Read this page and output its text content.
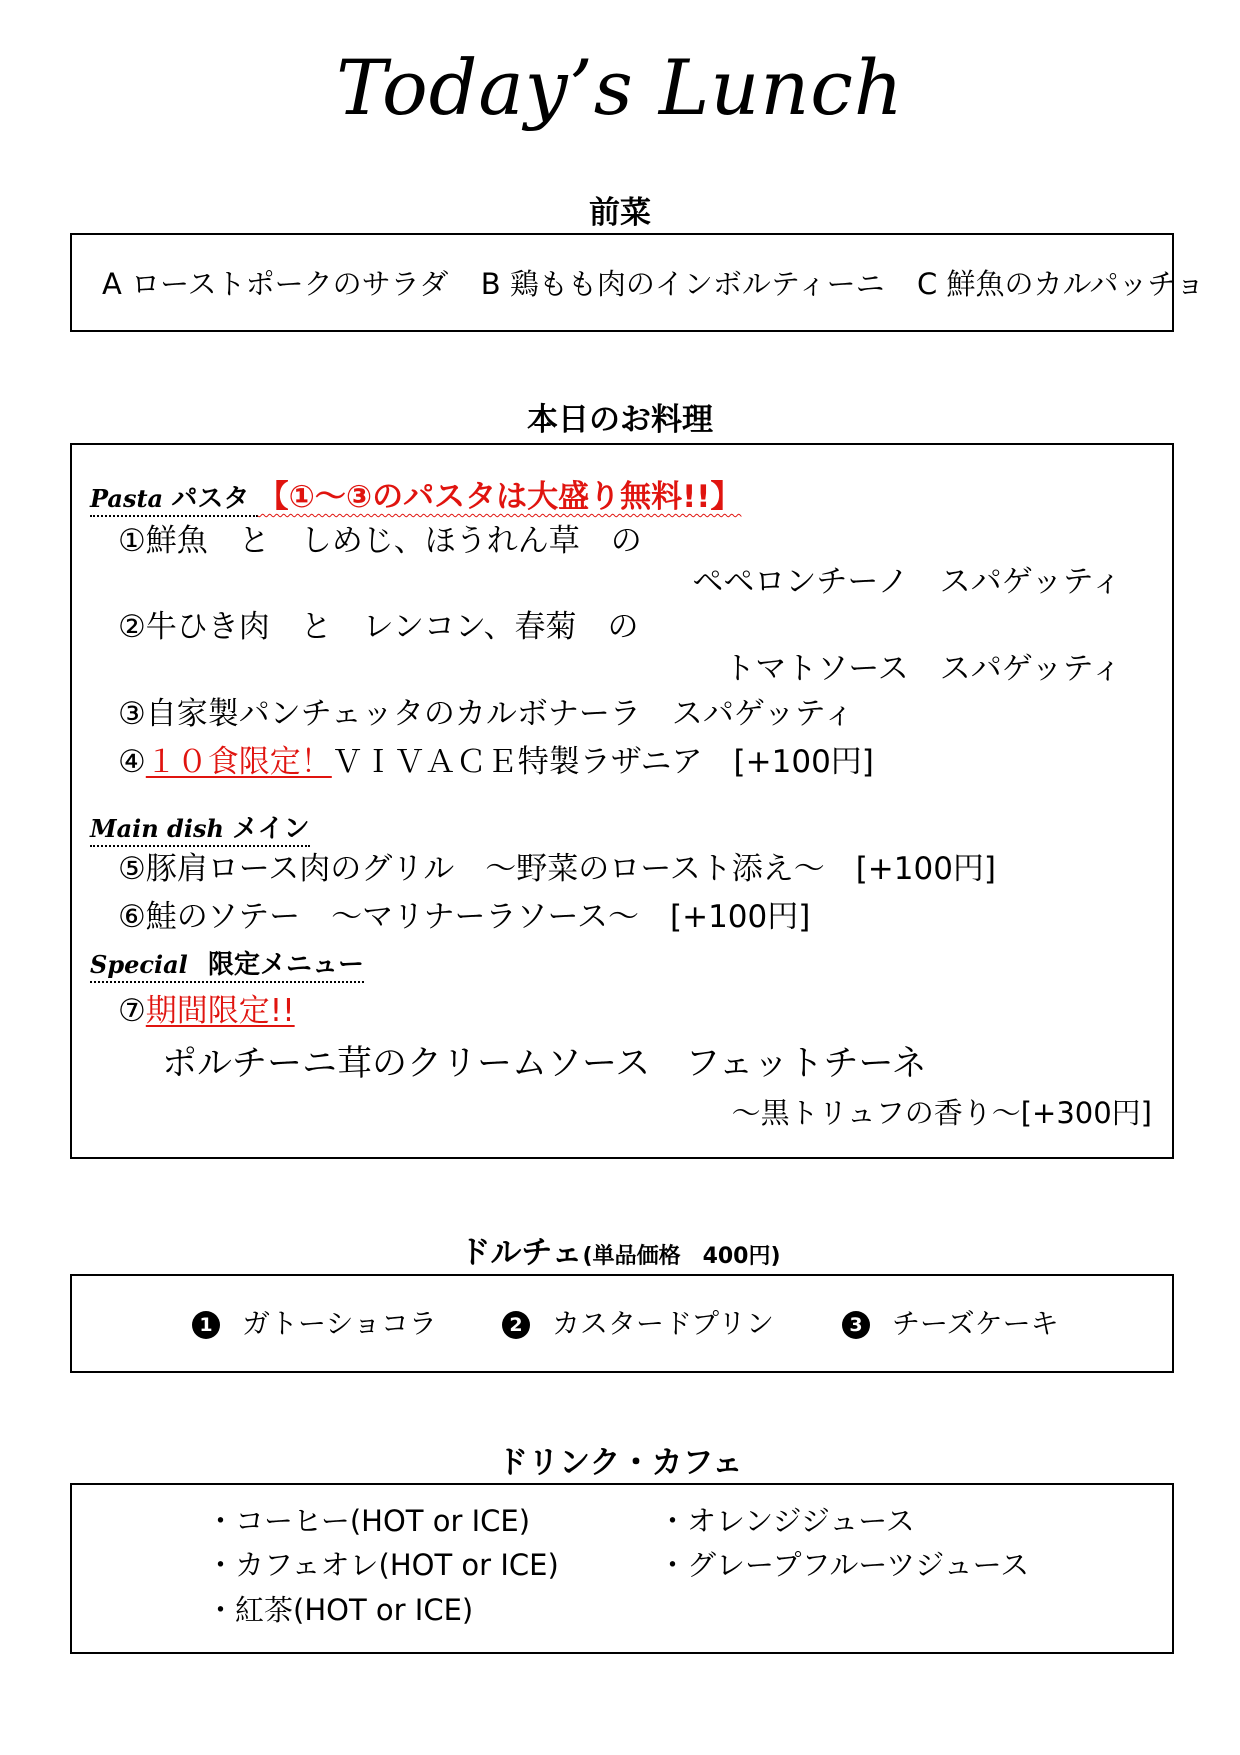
Today’s Lunch
前菜
A ローストポークのサラダ B 鶏もも肉のインボルティーニ C 鮮魚のカルパッチョ
本日のお料理
Pasta パスタ 【①～③のパスタは大盛り無料!!】
①鮮魚　と　しめじ、ほうれん草　の
ペペロンチーノ　スパゲッティ
②牛ひき肉　と　レンコン、春菊　の
トマトソース　スパゲッティ
③自家製パンチェッタのカルボナーラ　スパゲッティ
④１０食限定！ＶＩＶＡＣＥ特製ラザニア　[+100円]
Main dish メイン
⑤豚肩ロース肉のグリル　～野菜のロースト添え～　[+100円]
⑥鮭のソテー　～マリナーラソース～　[+100円]
Special 限定メニュー
⑦期間限定!!
ポルチーニ茸のクリームソース　フェットチーネ
～黒トリュフの香り～[+300円]
ドルチェ(単品価格　400円)
1 ガトーショコラ	2 カスタードプリン	3 チーズケーキ
ドリンク・カフェ
・コーヒー(HOT or ICE)
・カフェオレ(HOT or ICE)
・紅茶(HOT or ICE)
・オレンジジュース
・グレープフルーツジュース
